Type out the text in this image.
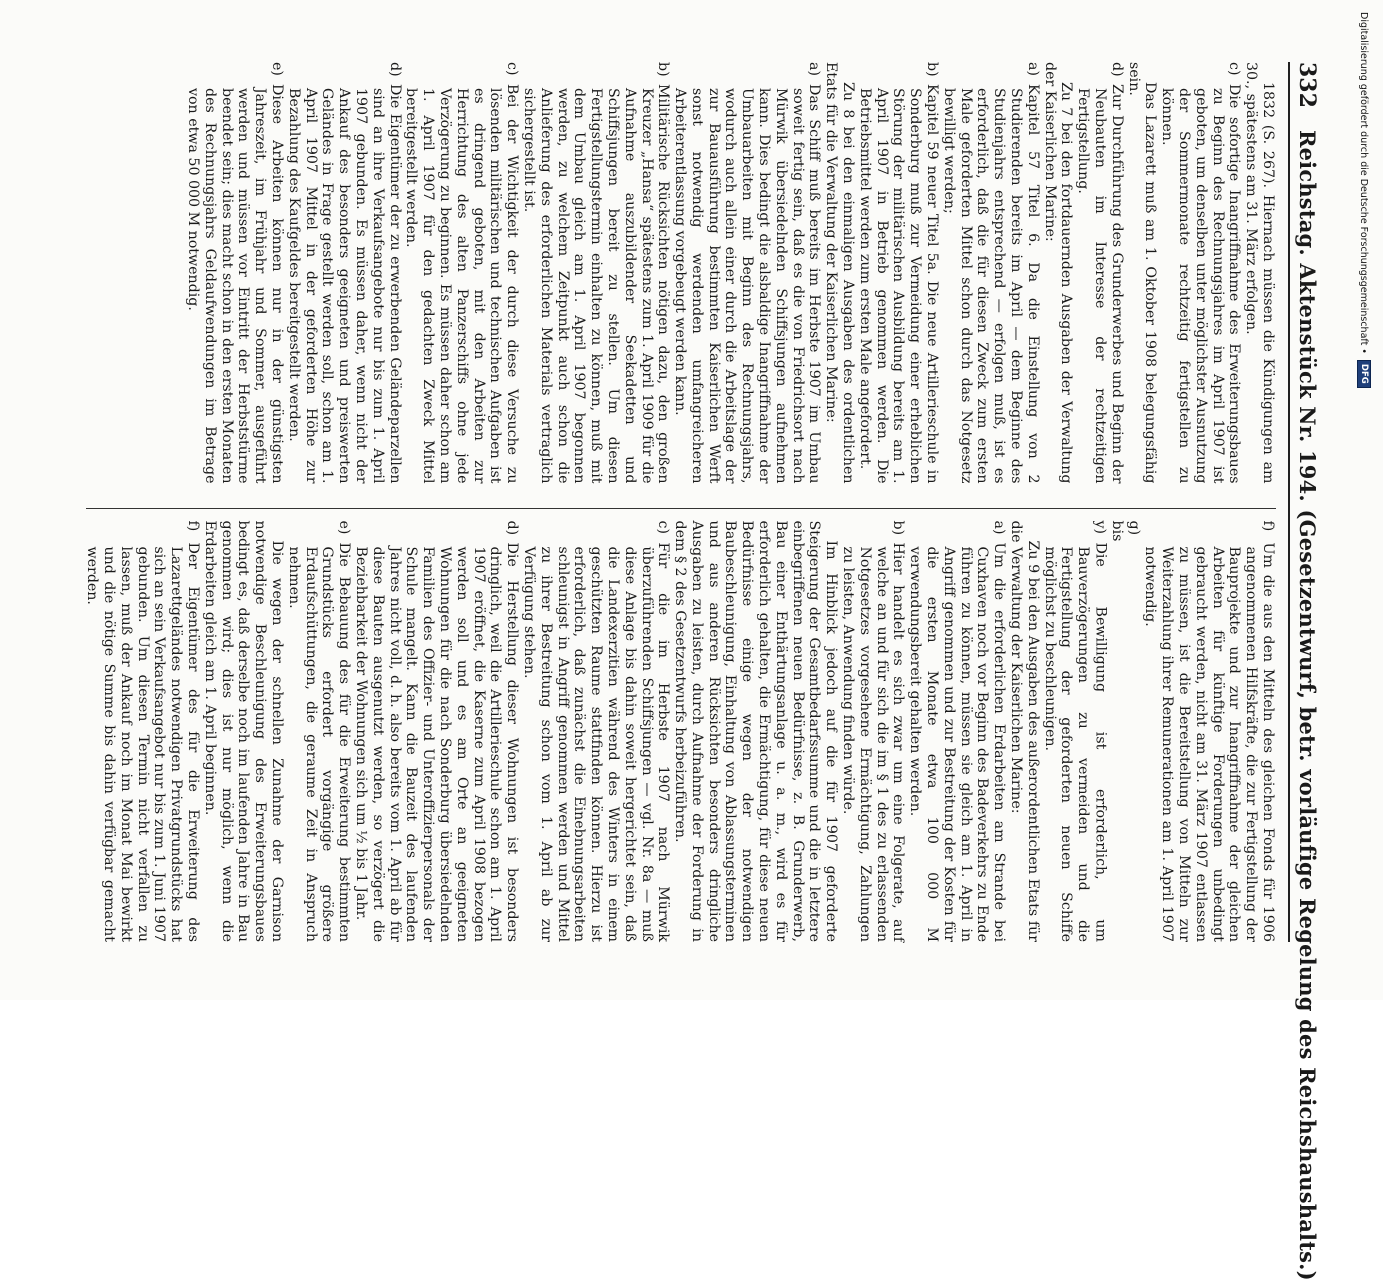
332
Reichstag. Aktenstück Nr. 194. (Gesetzentwurf, betr. vorläufige Regelung des Reichshaushalts.)

1832 (S. 267). Hiernach müssen die Kündigungen am 30., spätestens am 31. März erfolgen.

c)Die sofortige Inangriffnahme des Erweiterungsbaues zu Beginn des Rechnungsjahres im April 1907 ist geboten, um denselben unter möglichster Ausnutzung der Sommermonate rechtzeitig fertigstellen zu können.

Das Lazarett muß am 1. Oktober 1908 belegungsfähig sein.

d)Zur Durchführung des Grunderwerbes und Beginn der Neubauten im Interesse der rechtzeitigen Fertigstellung.

Zu 7 bei den fortdauernden Ausgaben der Verwaltung der Kaiserlichen Marine:

a)Kapitel 57 Titel 6. Da die Einstellung von 2 Studierenden bereits im April — dem Beginne des Studienjahrs entsprechend — erfolgen muß, ist es erforderlich, daß die für diesen Zweck zum ersten Male geforderten Mittel schon durch das Notgesetz bewilligt werden;

b)Kapitel 59 neuer Titel 5a. Die neue Artillerieschule in Sonderburg muß zur Vermeidung einer erheblichen Störung der militärischen Ausbildung bereits am 1. April 1907 in Betrieb genommen werden. Die Betriebsmittel werden zum ersten Male angefordert.

Zu 8 bei den einmaligen Ausgaben des ordentlichen Etats für die Verwaltung der Kaiserlichen Marine:

a)Das Schiff muß bereits im Herbste 1907 im Umbau soweit fertig sein, daß es die von Friedrichsort nach Mürwik übersiedelnden Schiffsjungen aufnehmen kann. Dies bedingt die alsbaldige Inangriffnahme der Umbauarbeiten mit Beginn des Rechnungsjahrs, wodurch auch allein einer durch die Arbeitslage der zur Bauausführung bestimmten Kaiserlichen Werft sonst notwendig werdenden umfangreicheren Arbeiterentlassung vorgebeugt werden kann.

b)Militärische Rücksichten nötigen dazu, den großen Kreuzer „Hansa“ spätestens zum 1. April 1909 für die Aufnahme auszubildender Seekadetten und Schiffsjungen bereit zu stellen. Um diesen Fertigstellungstermin einhalten zu können, muß mit dem Umbau gleich am 1. April 1907 begonnen werden, zu welchem Zeitpunkt auch schon die Anlieferung des erforderlichen Materials vertraglich sichergestellt ist.

c)Bei der Wichtigkeit der durch diese Versuche zu lösenden militärischen und technischen Aufgaben ist es dringend geboten, mit den Arbeiten zur Herrichtung des alten Panzerschiffs ohne jede Verzögerung zu beginnen. Es müssen daher schon am 1. April 1907 für den gedachten Zweck Mittel bereitgestellt werden.

d)Die Eigentümer der zu erwerbenden Geländeparzellen sind an ihre Verkaufsangebote nur bis zum 1. April 1907 gebunden. Es müssen daher, wenn nicht der Ankauf des besonders geeigneten und preiswerten Geländes in Frage gestellt werden soll, schon am 1. April 1907 Mittel in der geforderten Höhe zur Bezahlung des Kaufgeldes bereitgestellt werden.

e)Diese Arbeiten können nur in der günstigsten Jahreszeit, im Frühjahr und Sommer, ausgeführt werden und müssen vor Eintritt der Herbststürme beendet sein; dies macht schon in den ersten Monaten des Rechnungsjahrs Geldaufwendungen im Betrage von etwa 50 000 M notwendig.

f)Um die aus den Mitteln des gleichen Fonds für 1906 angenommenen Hilfskräfte, die zur Fertigstellung der Bauprojekte und zur Inangriffnahme der gleichen Arbeiten für künftige Forderungen unbedingt gebraucht werden, nicht am 31. März 1907 entlassen zu müssen, ist die Bereitstellung von Mitteln zur Weiterzahlung ihrer Remunerationen am 1. April 1907 notwendig.

g) bis y)Die Bewilligung ist erforderlich, um Bauverzögerungen zu vermeiden und die Fertigstellung der geforderten neuen Schiffe möglichst zu beschleunigen.

Zu 9 bei den Ausgaben des außerordentlichen Etats für die Verwaltung der Kaiserlichen Marine:

a)Um die erforderlichen Erdarbeiten am Strande bei Cuxhaven noch vor Beginn des Badeverkehrs zu Ende führen zu können, müssen sie gleich am 1. April in Angriff genommen und zur Bestreitung der Kosten für die ersten Monate etwa 100 000 M verwendungsbereit gehalten werden.

b)Hier handelt es sich zwar um eine Folgerate, auf welche an und für sich die im § 1 des zu erlassenden Notgesetzes vorgesehene Ermächtigung, Zahlungen zu leisten, Anwendung finden würde.

Im Hinblick jedoch auf die für 1907 geforderte Steigerung der Gesamtbedarfssumme und die in letztere einbegriffenen neuen Bedürfnisse, z. B. Grunderwerb, Bau einer Enthärtungsanlage u. a. m., wird es für erforderlich gehalten, die Ermächtigung, für diese neuen Bedürfnisse einige wegen der notwendigen Baubeschleunigung, Einhaltung von Ablassungsterminen und aus anderen Rücksichten besonders dringliche Ausgaben zu leisten, durch Aufnahme der Forderung in dem § 2 des Gesetzentwurfs herbeizuführen.

c)Für die im Herbste 1907 nach Mürwik überzuführenden Schiffsjungen — vgl. Nr. 8a — muß diese Anlage bis dahin soweit hergerichtet sein, daß die Landexerzitien während des Winters in einem geschützten Raume stattfinden können. Hierzu ist erforderlich, daß zunächst die Einebnungsarbeiten schleunigst in Angriff genommen werden und Mittel zu ihrer Bestreitung schon vom 1. April ab zur Verfügung stehen.

d)Die Herstellung dieser Wohnungen ist besonders dringlich, weil die Artillerieschule schon am 1. April 1907 eröffnet, die Kaserne zum April 1908 bezogen werden soll und es am Orte an geeigneten Wohnungen für die nach Sonderburg übersiedelnden Familien des Offizier- und Unteroffizierpersonals der Schule mangelt. Kann die Bauzeit des laufenden Jahres nicht voll, d. h. also bereits vom 1. April ab für diese Bauten ausgenutzt werden, so verzögert die Beziehbarkeit der Wohnungen sich um ½ bis 1 Jahr.

e)Die Bebauung des für die Erweiterung bestimmten Grundstücks erfordert vorgängige größere Erdaufschüttungen, die geraume Zeit in Anspruch nehmen.

Die wegen der schnellen Zunahme der Garnison notwendige Beschleunigung des Erweiterungsbaues bedingt es, daß derselbe noch im laufenden Jahre in Bau genommen wird; dies ist nur möglich, wenn die Erdarbeiten gleich am 1. April beginnen.

f)Der Eigentümer des für die Erweiterung des Lazarettgeländes notwendigen Privatgrundstücks hat sich an sein Verkaufsangebot nur bis zum 1. Juni 1907 gebunden. Um diesen Termin nicht verfallen zu lassen, muß der Ankauf noch im Monat Mai bewirkt und die nötige Summe bis dahin verfügbar gemacht werden.

Digitalisierung gefördert durch die Deutsche Forschungsgemeinschaft •
DFG
